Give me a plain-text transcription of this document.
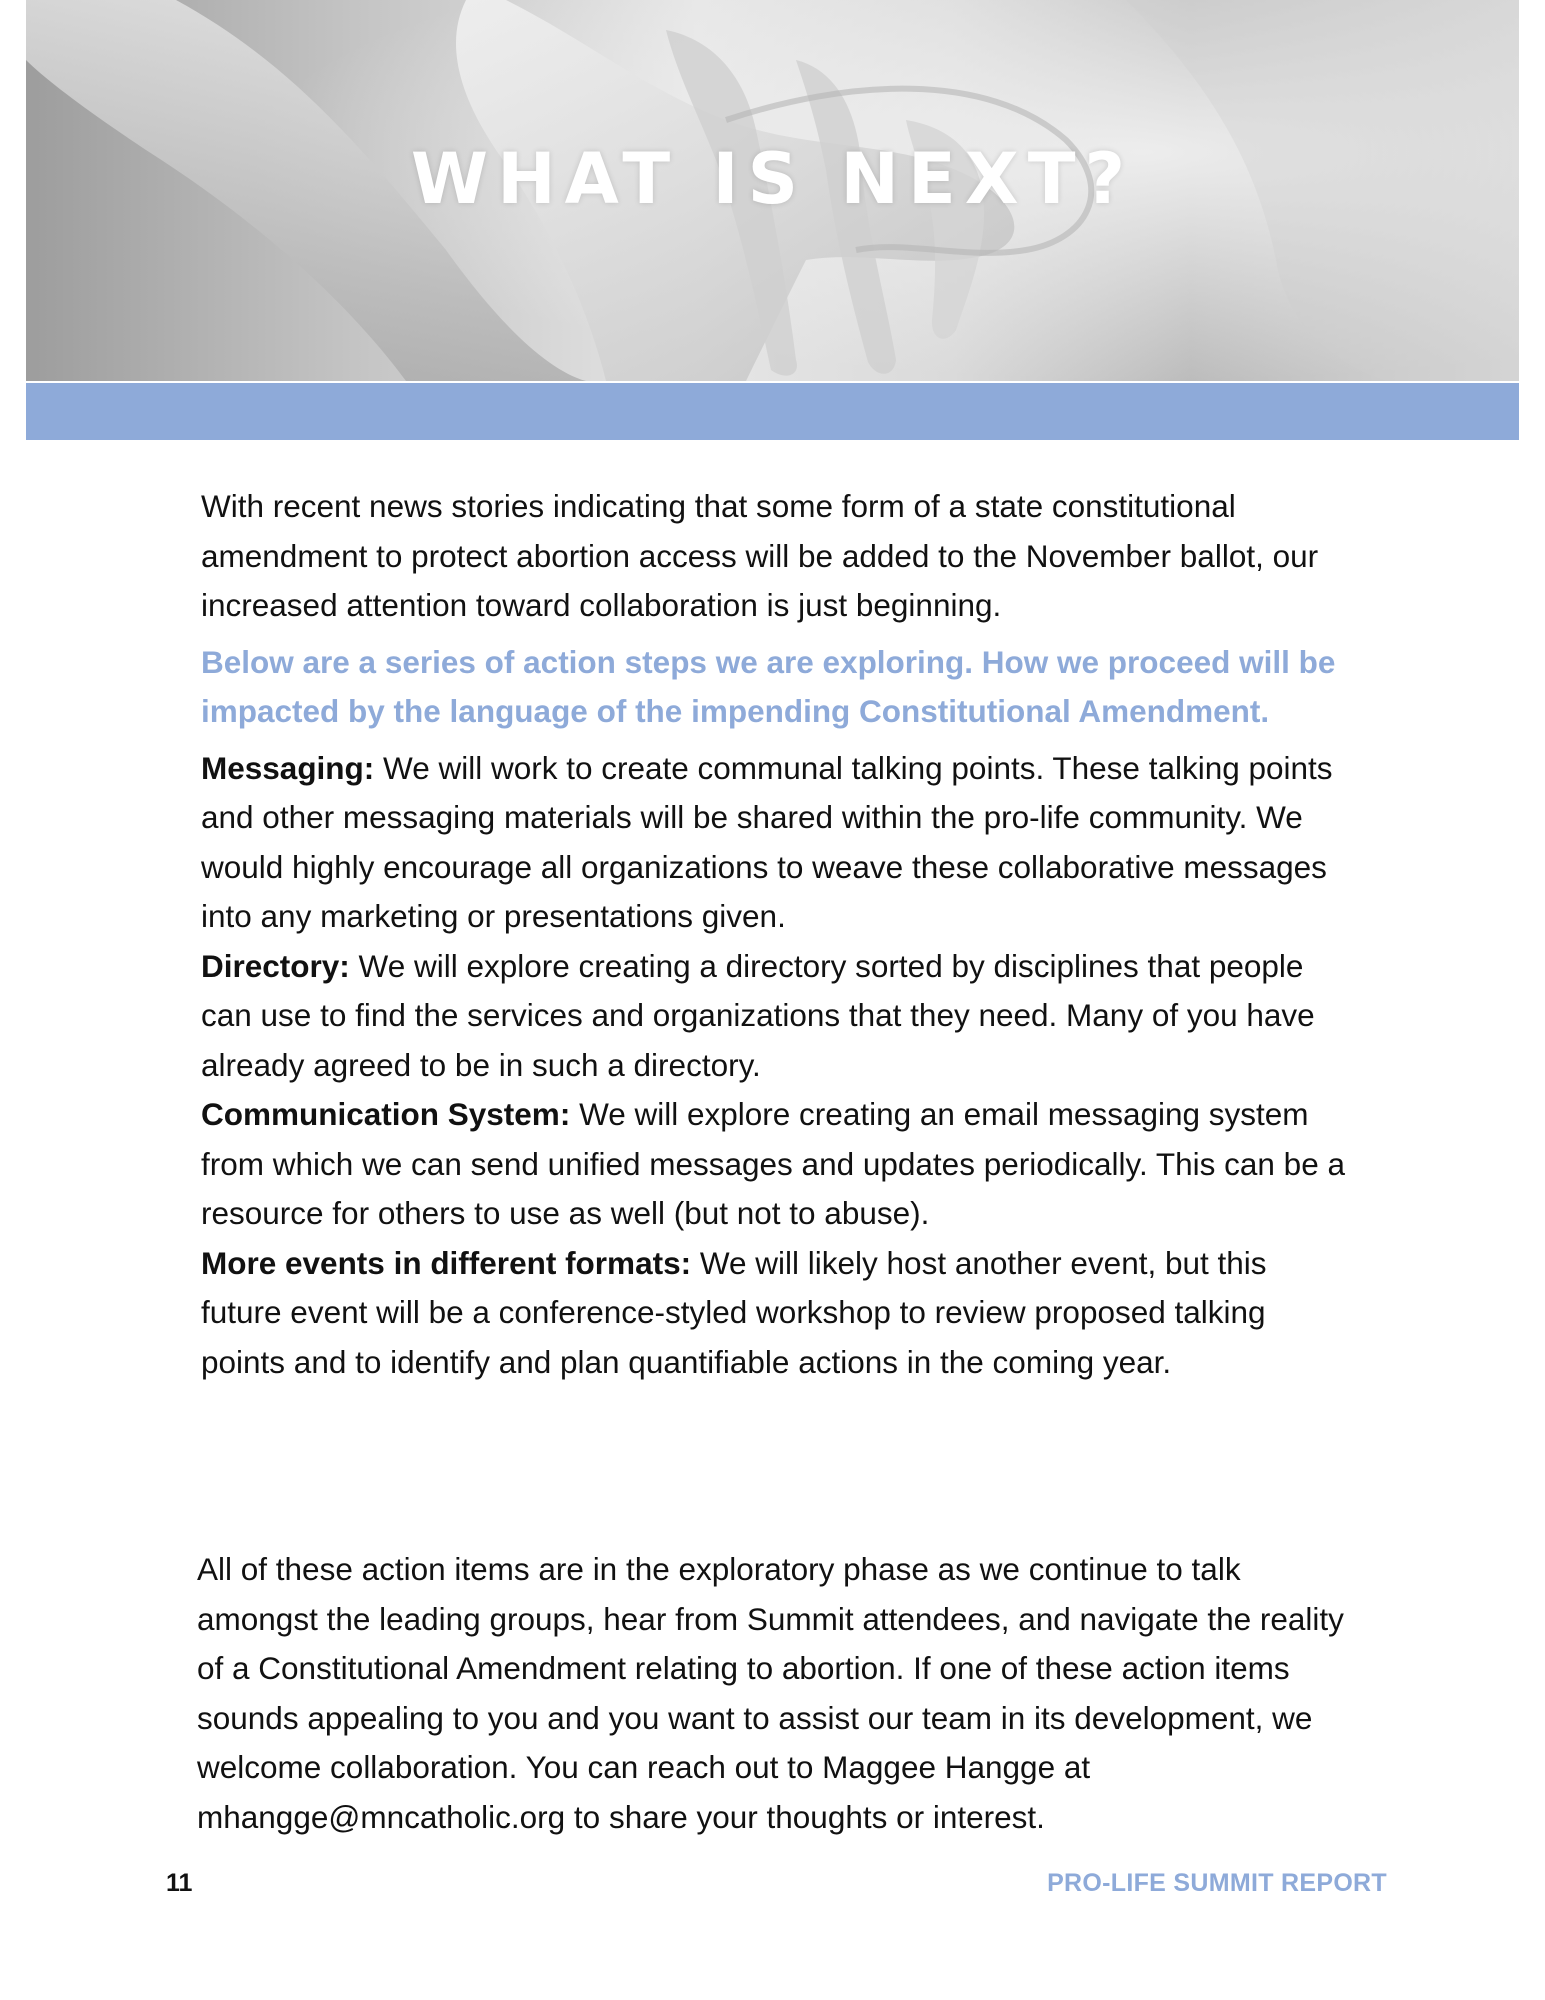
WHAT IS NEXT?

With recent news stories indicating that some form of a state constitutional amendment to protect abortion access will be added to the November ballot, our increased attention toward collaboration is just beginning.

Below are a series of action steps we are exploring. How we proceed will be impacted by the language of the impending Constitutional Amendment.

Messaging: We will work to create communal talking points. These talking points and other messaging materials will be shared within the pro-life community. We would highly encourage all organizations to weave these collaborative messages into any marketing or presentations given.

Directory: We will explore creating a directory sorted by disciplines that people can use to find the services and organizations that they need. Many of you have already agreed to be in such a directory.

Communication System: We will explore creating an email messaging system from which we can send unified messages and updates periodically. This can be a resource for others to use as well (but not to abuse).

More events in different formats: We will likely host another event, but this future event will be a conference-styled workshop to review proposed talking points and to identify and plan quantifiable actions in the coming year.

All of these action items are in the exploratory phase as we continue to talk amongst the leading groups, hear from Summit attendees, and navigate the reality of a Constitutional Amendment relating to abortion. If one of these action items sounds appealing to you and you want to assist our team in its development, we welcome collaboration. You can reach out to Maggee Hangge at mhangge@mncatholic.org to share your thoughts or interest.

11	PRO-LIFE SUMMIT REPORT
